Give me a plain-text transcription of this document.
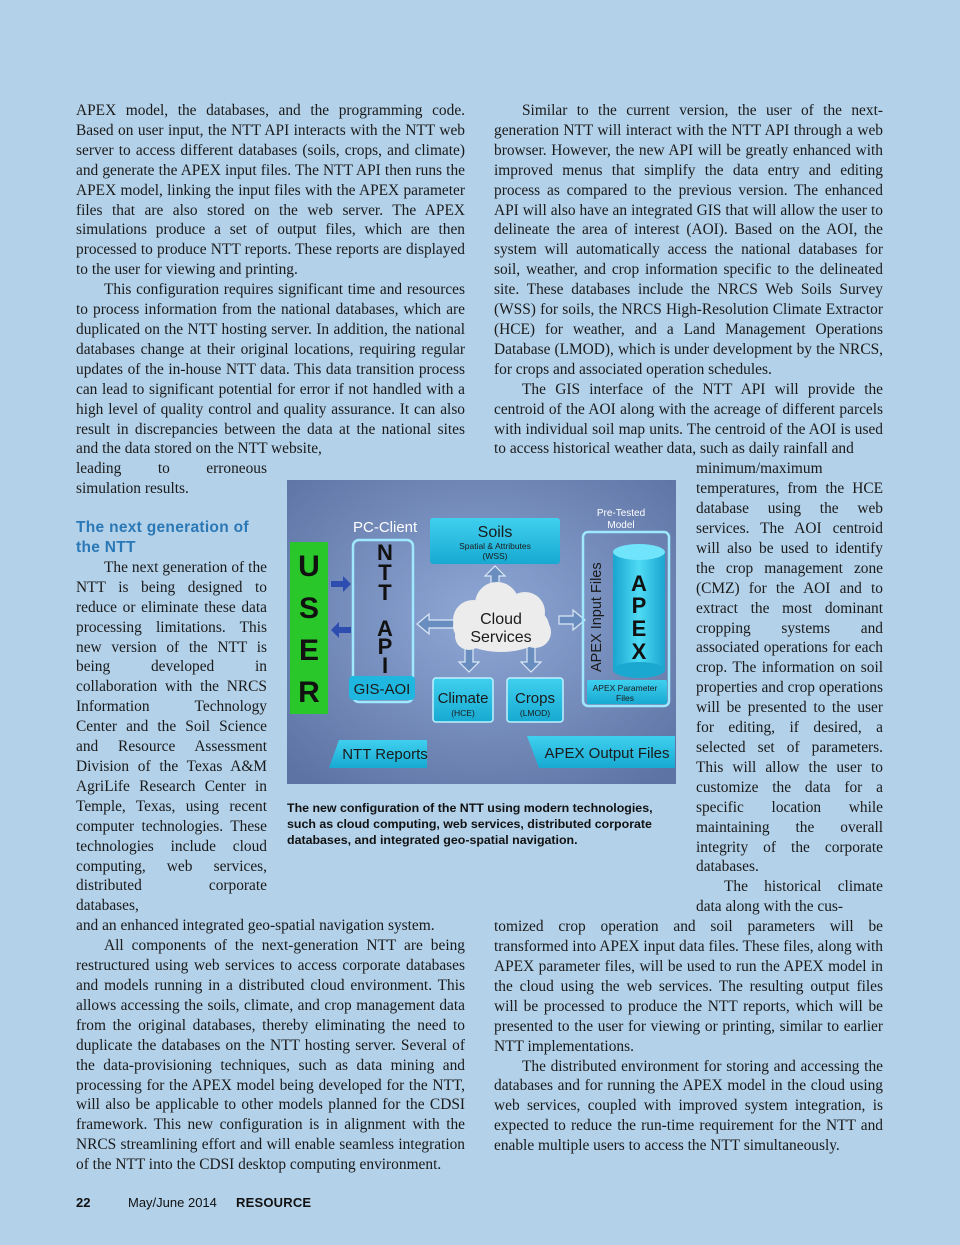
APEX model, the databases, and the programming code. Based on user input, the NTT API interacts with the NTT web server to access different databases (soils, crops, and climate) and generate the APEX input files. The NTT API then runs the APEX model, linking the input files with the APEX parameter files that are also stored on the web server. The APEX simulations produce a set of output files, which are then processed to produce NTT reports. These reports are displayed to the user for viewing and printing.

This configuration requires significant time and resources to process information from the national databases, which are duplicated on the NTT hosting server. In addition, the national databases change at their original locations, requiring regular updates of the in-house NTT data. This data transition process can lead to significant potential for error if not handled with a high level of quality control and quality assurance. It can also result in discrepancies between the data at the national sites and the data stored on the NTT website,

leading to erroneous simulation results.

The next generation of the NTT

The next generation of the NTT is being designed to reduce or eliminate these data processing limitations. This new version of the NTT is being developed in collaboration with the NRCS Information Technology Center and the Soil Science and Resource Assessment Division of the Texas A&M AgriLife Research Center in Temple, Texas, using recent computer technologies. These technologies include cloud computing, web services, distributed corporate databases,

and an enhanced integrated geo-spatial navigation system.

All components of the next-generation NTT are being restructured using web services to access corporate databases and models running in a distributed cloud environment. This allows accessing the soils, climate, and crop management data from the original databases, thereby eliminating the need to duplicate the databases on the NTT hosting server. Several of the data-provisioning techniques, such as data mining and processing for the APEX model being developed for the NTT, will also be applicable to other models planned for the CDSI framework. This new configuration is in alignment with the NRCS streamlining effort and will enable seamless integration of the NTT into the CDSI desktop computing environment.

Similar to the current version, the user of the next-generation NTT will interact with the NTT API through a web browser. However, the new API will be greatly enhanced with improved menus that simplify the data entry and editing process as compared to the previous version. The enhanced API will also have an integrated GIS that will allow the user to delineate the area of interest (AOI). Based on the AOI, the system will automatically access the national databases for soil, weather, and crop information specific to the delineated site. These databases include the NRCS Web Soils Survey (WSS) for soils, the NRCS High-Resolution Climate Extractor (HCE) for weather, and a Land Management Operations Database (LMOD), which is under development by the NRCS, for crops and associated operation schedules.

The GIS interface of the NTT API will provide the centroid of the AOI along with the acreage of different parcels with individual soil map units. The centroid of the AOI is used to access historical weather data, such as daily rainfall and

minimum/maximum temperatures, from the HCE database using the web services. The AOI centroid will also be used to identify the crop management zone (CMZ) for the AOI and to extract the most dominant cropping systems and associated operations for each crop. The information on soil properties and crop operations will be presented to the user for editing, if desired, a selected set of parameters. This will allow the user to customize the data for a specific location while maintaining the overall integrity of the corporate databases.

The historical climate data along with the cus-

tomized crop operation and soil parameters will be transformed into APEX input data files. These files, along with APEX parameter files, will be used to run the APEX model in the cloud using the web services. The resulting output files will be processed to produce the NTT reports, which will be presented to the user for viewing or printing, similar to earlier NTT implementations.

The distributed environment for storing and accessing the databases and for running the APEX model in the cloud using web services, coupled with improved system integration, is expected to reduce the run-time requirement for the NTT and enable multiple users to access the NTT simultaneously.

U
S
E
R
PC-Client
GIS-AOI
N
T
T
A
P
I
Soils
Spatial & Attributes
(WSS)
Cloud
Services
Climate
(HCE)
Crops
(LMOD)
Pre-Tested
Model
APEX Input Files A
P
E
X
APEX Parameter
Files
NTT Reports	APEX Output Files
The new configuration of the NTT using modern technologies, such as cloud computing, web services, distributed corporate databases, and integrated geo-spatial navigation.
22	May/June 2014 RESOURCE
